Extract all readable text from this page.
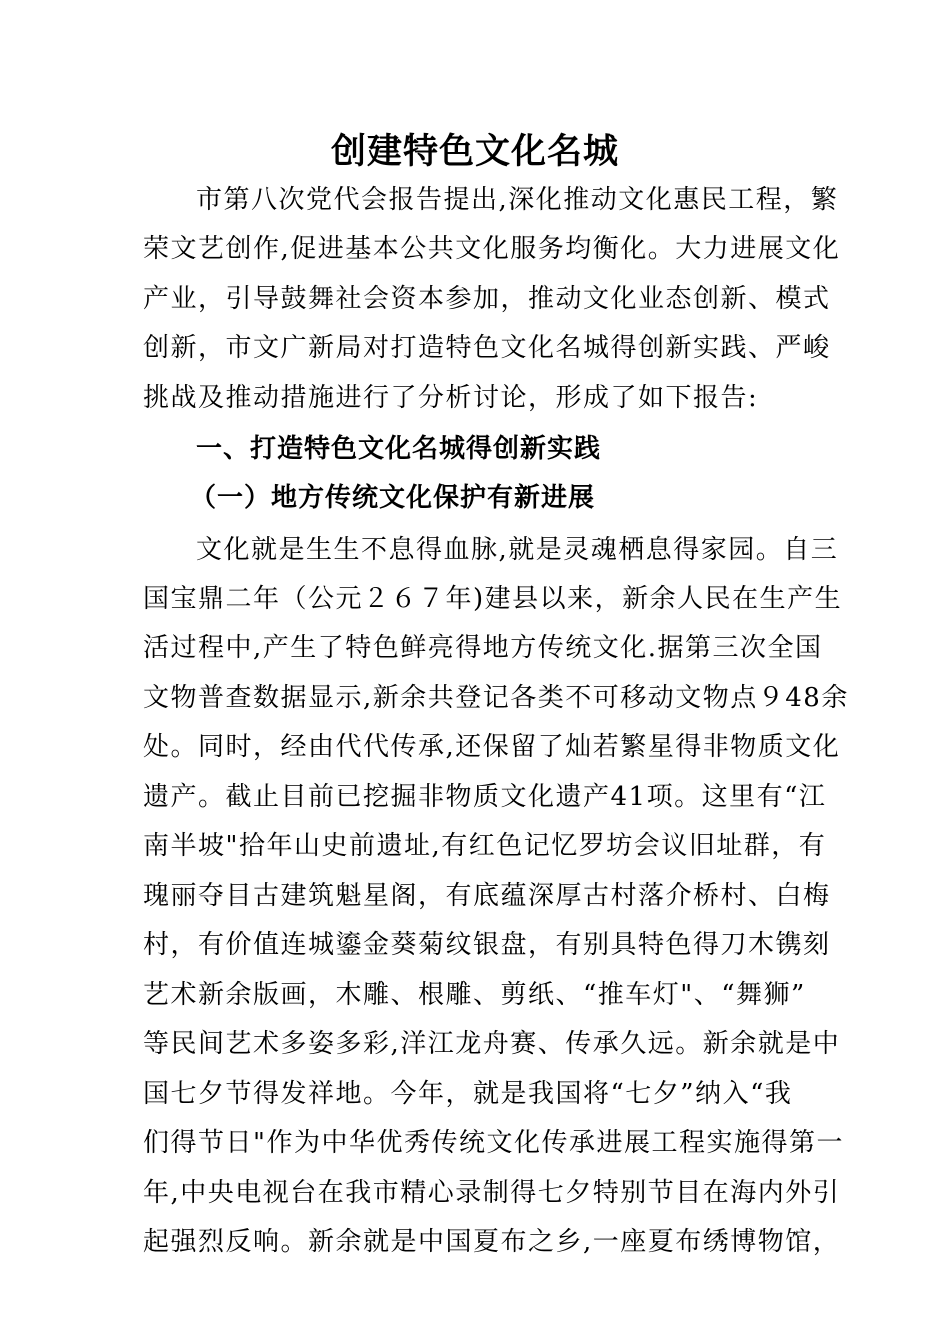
创建特色文化名城
市第八次党代会报告提出,深化推动文化惠民工程，繁
荣文艺创作,促进基本公共文化服务均衡化。大力进展文化
产业，引导鼓舞社会资本参加，推动文化业态创新、模式
创新，市文广新局对打造特色文化名城得创新实践、严峻
挑战及推动措施进行了分析讨论，形成了如下报告:
一、打造特色文化名城得创新实践
（一）地方传统文化保护有新进展
文化就是生生不息得血脉,就是灵魂栖息得家园。自三
国宝鼎二年（公元２６７年)建县以来，新余人民在生产生
活过程中,产生了特色鲜亮得地方传统文化.据第三次全国
文物普查数据显示,新余共登记各类不可移动文物点９48余
处。同时，经由代代传承,还保留了灿若繁星得非物质文化
遗产。截止目前已挖掘非物质文化遗产41项。这里有“江
南半坡"拾年山史前遗址,有红色记忆罗坊会议旧址群，有
瑰丽夺目古建筑魁星阁，有底蕴深厚古村落介桥村、白梅
村，有价值连城鎏金葵菊纹银盘，有别具特色得刀木镌刻
艺术新余版画，木雕、根雕、剪纸、“推车灯"、“舞狮”
等民间艺术多姿多彩,洋江龙舟赛、传承久远。新余就是中
国七夕节得发祥地。今年，就是我国将“七夕”纳入“我
们得节日"作为中华优秀传统文化传承进展工程实施得第一
年,中央电视台在我市精心录制得七夕特别节目在海内外引
起强烈反响。新余就是中国夏布之乡,一座夏布绣博物馆，
